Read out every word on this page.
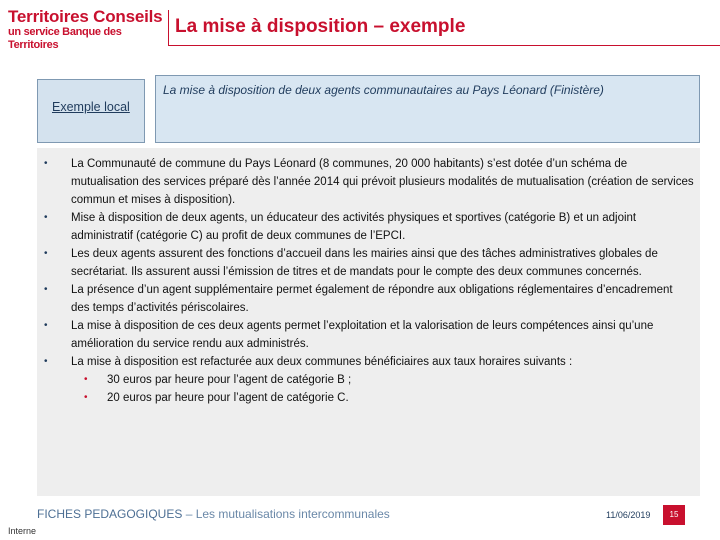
Territoires Conseils
un service Banque des Territoires
La mise à disposition – exemple
Exemple local
La mise à disposition de deux agents communautaires au Pays Léonard (Finistère)
• La Communauté de commune du Pays Léonard (8 communes, 20 000 habitants) s’est dotée d’un schéma de mutualisation des services préparé dès l’année 2014 qui prévoit plusieurs modalités de mutualisation (création de services commun et mises à disposition).
• Mise à disposition de deux agents, un éducateur des activités physiques et sportives (catégorie B) et un adjoint administratif (catégorie C) au profit de deux communes de l’EPCI.
• Les deux agents assurent des fonctions d’accueil dans les mairies ainsi que des tâches administratives globales de secrétariat. Ils assurent aussi l’émission de titres et de mandats pour le compte des deux communes concernés.
• La présence d’un agent supplémentaire permet également de répondre aux obligations réglementaires d’encadrement des temps d’activités périscolaires.
• La mise à disposition de ces deux agents permet l’exploitation et la valorisation de leurs compétences ainsi qu’une amélioration du service rendu aux administrés.
• La mise à disposition est refacturée aux deux communes bénéficiaires aux taux horaires suivants :
• 30 euros par heure pour l’agent de catégorie B ;
• 20 euros par heure pour l’agent de catégorie C.
FICHES PEDAGOGIQUES – Les mutualisations intercommunales	11/06/2019	15
Interne
